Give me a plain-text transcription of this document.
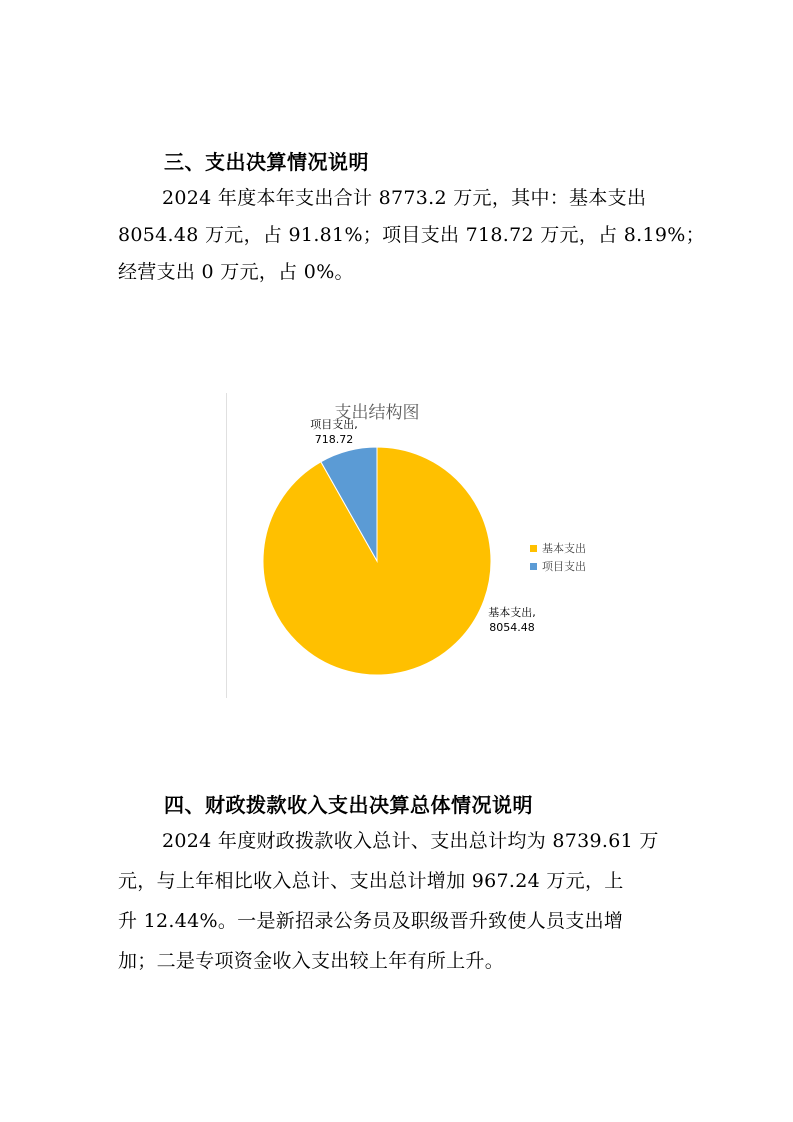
三、支出决算情况说明
2024 年度本年支出合计 8773.2 万元，其中：基本支出
8054.48 万元，占 91.81%；项目支出 718.72 万元，占 8.19%；
经营支出 0 万元，占 0%。
支出结构图
项目支出,
718.72
基本支出,
8054.48
基本支出
项目支出
四、财政拨款收入支出决算总体情况说明
2024 年度财政拨款收入总计、支出总计均为 8739.61 万
元，与上年相比收入总计、支出总计增加 967.24 万元，上
升 12.44%。一是新招录公务员及职级晋升致使人员支出增
加；二是专项资金收入支出较上年有所上升。
